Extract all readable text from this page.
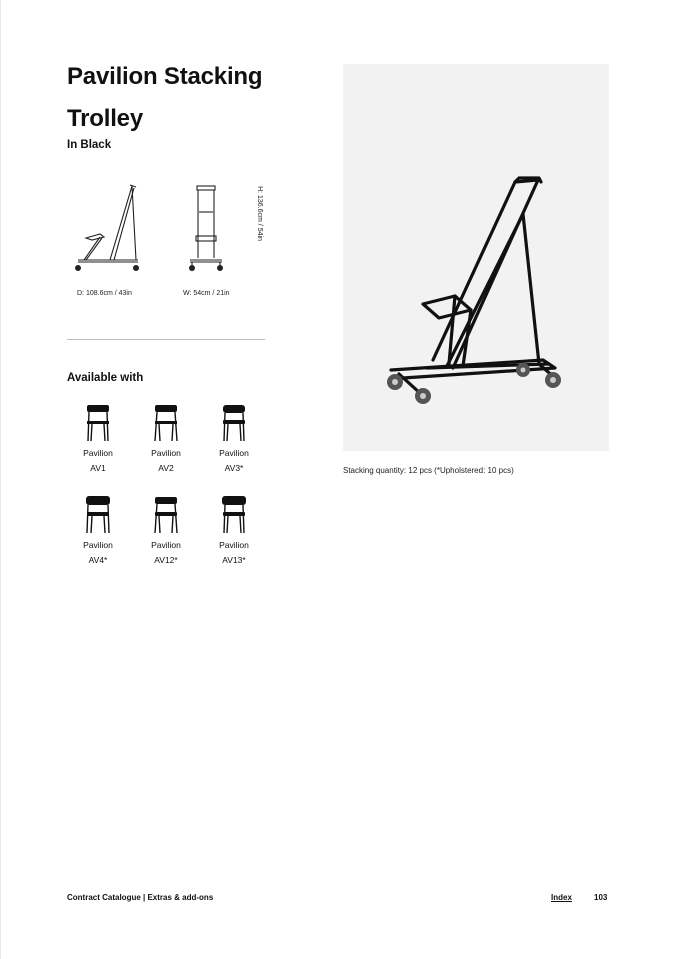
Pavilion Stacking Trolley
In Black
D: 108.6cm / 43in	W: 54cm / 21in
H: 136.6cm / 54in
Available with
Pavilion
AV1
Pavilion
AV2
Pavilion
AV3*
Pavilion
AV4*
Pavilion
AV12*
Pavilion
AV13*
Stacking quantity: 12 pcs (*Upholstered: 10 pcs)
Contract Catalogue | Extras & add-ons	Index	103
